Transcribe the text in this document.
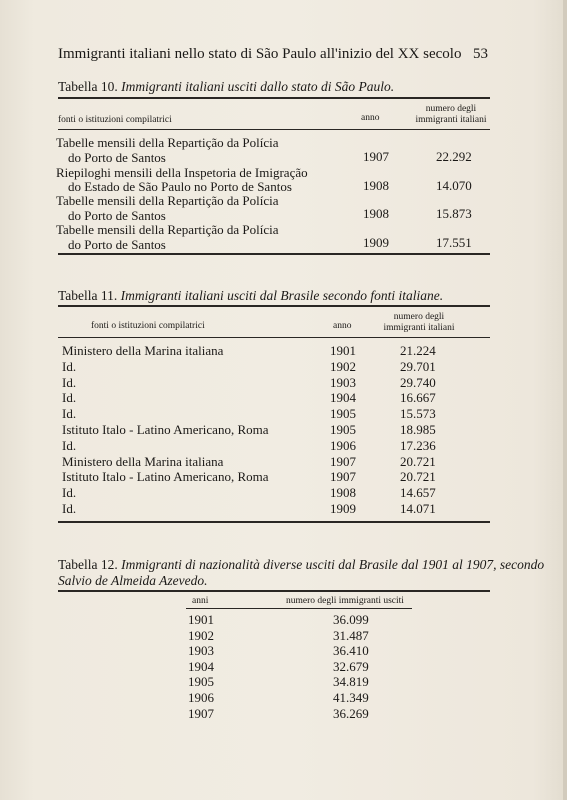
Immigranti italiani nello stato di São Paulo all'inizio del XX secolo 53
Tabella 10. Immigranti italiani usciti dallo stato di São Paulo.
fonti o istituzioni compilatrici	anno
numero degli
immigranti italiani
Tabelle mensili della Repartição da Polícia
do Porto de Santos	1907	22.292
Riepiloghi mensili della Inspetoria de Imigração
do Estado de São Paulo no Porto de Santos	1908	14.070
Tabelle mensili della Repartição da Polícia
do Porto de Santos	1908	15.873
Tabelle mensili della Repartição da Polícia
do Porto de Santos	1909	17.551
Tabella 11. Immigranti italiani usciti dal Brasile secondo fonti italiane.
fonti o istituzioni compilatrici	anno
numero degli
immigranti italiani
Ministero della Marina italiana	1901	21.224
Id.	1902	29.701
Id.	1903	29.740
Id.	1904	16.667
Id.	1905	15.573
Istituto Italo - Latino Americano, Roma	1905	18.985
Id.	1906	17.236
Ministero della Marina italiana	1907	20.721
Istituto Italo - Latino Americano, Roma	1907	20.721
Id.	1908	14.657
Id.	1909	14.071
Tabella 12. Immigranti di nazionalità diverse usciti dal Brasile dal 1901 al 1907, secondo
Salvio de Almeida Azevedo.
anni	numero degli immigranti usciti
1901	36.099
1902	31.487
1903	36.410
1904	32.679
1905	34.819
1906	41.349
1907	36.269
